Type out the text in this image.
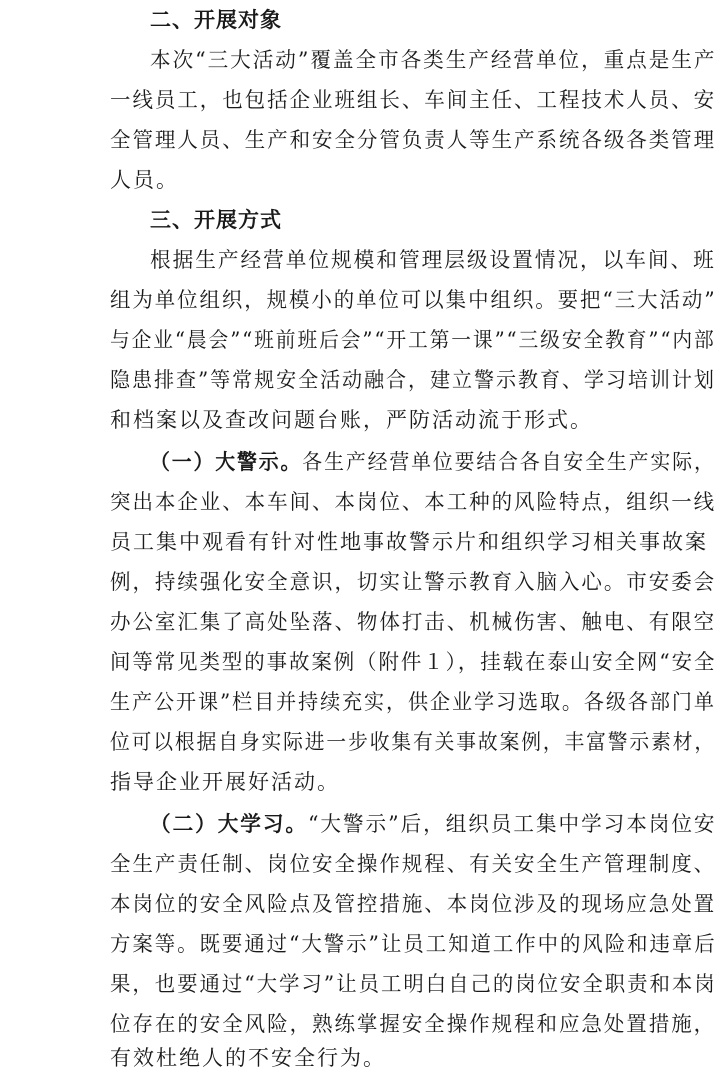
二、开展对象
本次“三大活动”覆盖全市各类生产经营单位，重点是生产
一线员工，也包括企业班组长、车间主任、工程技术人员、安
全管理人员、生产和安全分管负责人等生产系统各级各类管理
人员。
三、开展方式
根据生产经营单位规模和管理层级设置情况，以车间、班
组为单位组织，规模小的单位可以集中组织。要把“三大活动”
与企业“晨会”“班前班后会”“开工第一课”“三级安全教育”“内部
隐患排查”等常规安全活动融合，建立警示教育、学习培训计划
和档案以及查改问题台账，严防活动流于形式。
（一）大警示。各生产经营单位要结合各自安全生产实际，
突出本企业、本车间、本岗位、本工种的风险特点，组织一线
员工集中观看有针对性地事故警示片和组织学习相关事故案
例，持续强化安全意识，切实让警示教育入脑入心。市安委会
办公室汇集了高处坠落、物体打击、机械伤害、触电、有限空
间等常见类型的事故案例（附件１），挂载在泰山安全网“安全
生产公开课”栏目并持续充实，供企业学习选取。各级各部门单
位可以根据自身实际进一步收集有关事故案例，丰富警示素材，
指导企业开展好活动。
（二）大学习。“大警示”后，组织员工集中学习本岗位安
全生产责任制、岗位安全操作规程、有关安全生产管理制度、
本岗位的安全风险点及管控措施、本岗位涉及的现场应急处置
方案等。既要通过“大警示”让员工知道工作中的风险和违章后
果，也要通过“大学习”让员工明白自己的岗位安全职责和本岗
位存在的安全风险，熟练掌握安全操作规程和应急处置措施，
有效杜绝人的不安全行为。
